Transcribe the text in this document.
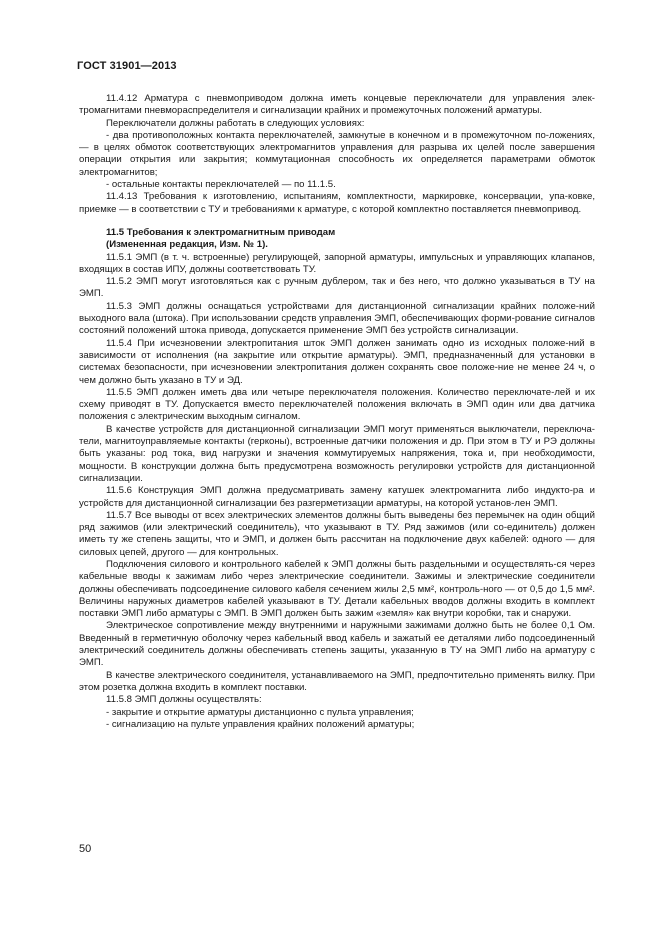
ГОСТ 31901—2013

11.4.12 Арматура с пневмоприводом должна иметь концевые переключатели для управления элек-тромагнитами пневмораспределителя и сигнализации крайних и промежуточных положений арматуры.

Переключатели должны работать в следующих условиях:

- два противоположных контакта переключателей, замкнутые в конечном и в промежуточном по-ложениях, — в целях обмоток соответствующих электромагнитов управления для разрыва их целей после завершения операции открытия или закрытия; коммутационная способность их определяется параметрами обмоток электромагнитов;

- остальные контакты переключателей — по 11.1.5.

11.4.13 Требования к изготовлению, испытаниям, комплектности, маркировке, консервации, упа-ковке, приемке — в соответствии с ТУ и требованиями к арматуре, с которой комплектно поставляется пневмопривод.

11.5 Требования к электромагнитным приводам

(Измененная редакция, Изм. № 1).

11.5.1 ЭМП (в т. ч. встроенные) регулирующей, запорной арматуры, импульсных и управляющих клапанов, входящих в состав ИПУ, должны соответствовать ТУ.

11.5.2 ЭМП могут изготовляться как с ручным дублером, так и без него, что должно указываться в ТУ на ЭМП.

11.5.3 ЭМП должны оснащаться устройствами для дистанционной сигнализации крайних положе-ний выходного вала (штока). При использовании средств управления ЭМП, обеспечивающих форми-рование сигналов состояний положений штока привода, допускается применение ЭМП без устройств сигнализации.

11.5.4 При исчезновении электропитания шток ЭМП должен занимать одно из исходных положе-ний в зависимости от исполнения (на закрытие или открытие арматуры). ЭМП, предназначенный для установки в системах безопасности, при исчезновении электропитания должен сохранять свое положе-ние не менее 24 ч, о чем должно быть указано в ТУ и ЭД.

11.5.5 ЭМП должен иметь два или четыре переключателя положения. Количество переключате-лей и их схему приводят в ТУ. Допускается вместо переключателей положения включать в ЭМП один или два датчика положения с электрическим выходным сигналом.

В качестве устройств для дистанционной сигнализации ЭМП могут применяться выключатели, переключа-тели, магнитоуправляемые контакты (герконы), встроенные датчики положения и др. При этом в ТУ и РЭ должны быть указаны: род тока, вид нагрузки и значения коммутируемых напряжения, тока и, при необходимости, мощности. В конструкции должна быть предусмотрена возможность регулировки устройств для дистанционной сигнализации.

11.5.6 Конструкция ЭМП должна предусматривать замену катушек электромагнита либо индукто-ра и устройств для дистанционной сигнализации без разгерметизации арматуры, на которой установ-лен ЭМП.

11.5.7 Все выводы от всех электрических элементов должны быть выведены без перемычек на один общий ряд зажимов (или электрический соединитель), что указывают в ТУ. Ряд зажимов (или со-единитель) должен иметь ту же степень защиты, что и ЭМП, и должен быть рассчитан на подключение двух кабелей: одного — для силовых цепей, другого — для контрольных.

Подключения силового и контрольного кабелей к ЭМП должны быть раздельными и осуществлять-ся через кабельные вводы к зажимам либо через электрические соединители. Зажимы и электрические соединители должны обеспечивать подсоединение силового кабеля сечением жилы 2,5 мм², контроль-ного — от 0,5 до 1,5 мм². Величины наружных диаметров кабелей указывают в ТУ. Детали кабельных вводов должны входить в комплект поставки ЭМП либо арматуры с ЭМП. В ЭМП должен быть зажим «земля» как внутри коробки, так и снаружи.

Электрическое сопротивление между внутренними и наружными зажимами должно быть не более 0,1 Ом. Введенный в герметичную оболочку через кабельный ввод кабель и зажатый ее деталями либо подсоединенный электрический соединитель должны обеспечивать степень защиты, указанную в ТУ на ЭМП либо на арматуру с ЭМП.

В качестве электрического соединителя, устанавливаемого на ЭМП, предпочтительно применять вилку. При этом розетка должна входить в комплект поставки.

11.5.8 ЭМП должны осуществлять:

- закрытие и открытие арматуры дистанционно с пульта управления;

- сигнализацию на пульте управления крайних положений арматуры;

50
